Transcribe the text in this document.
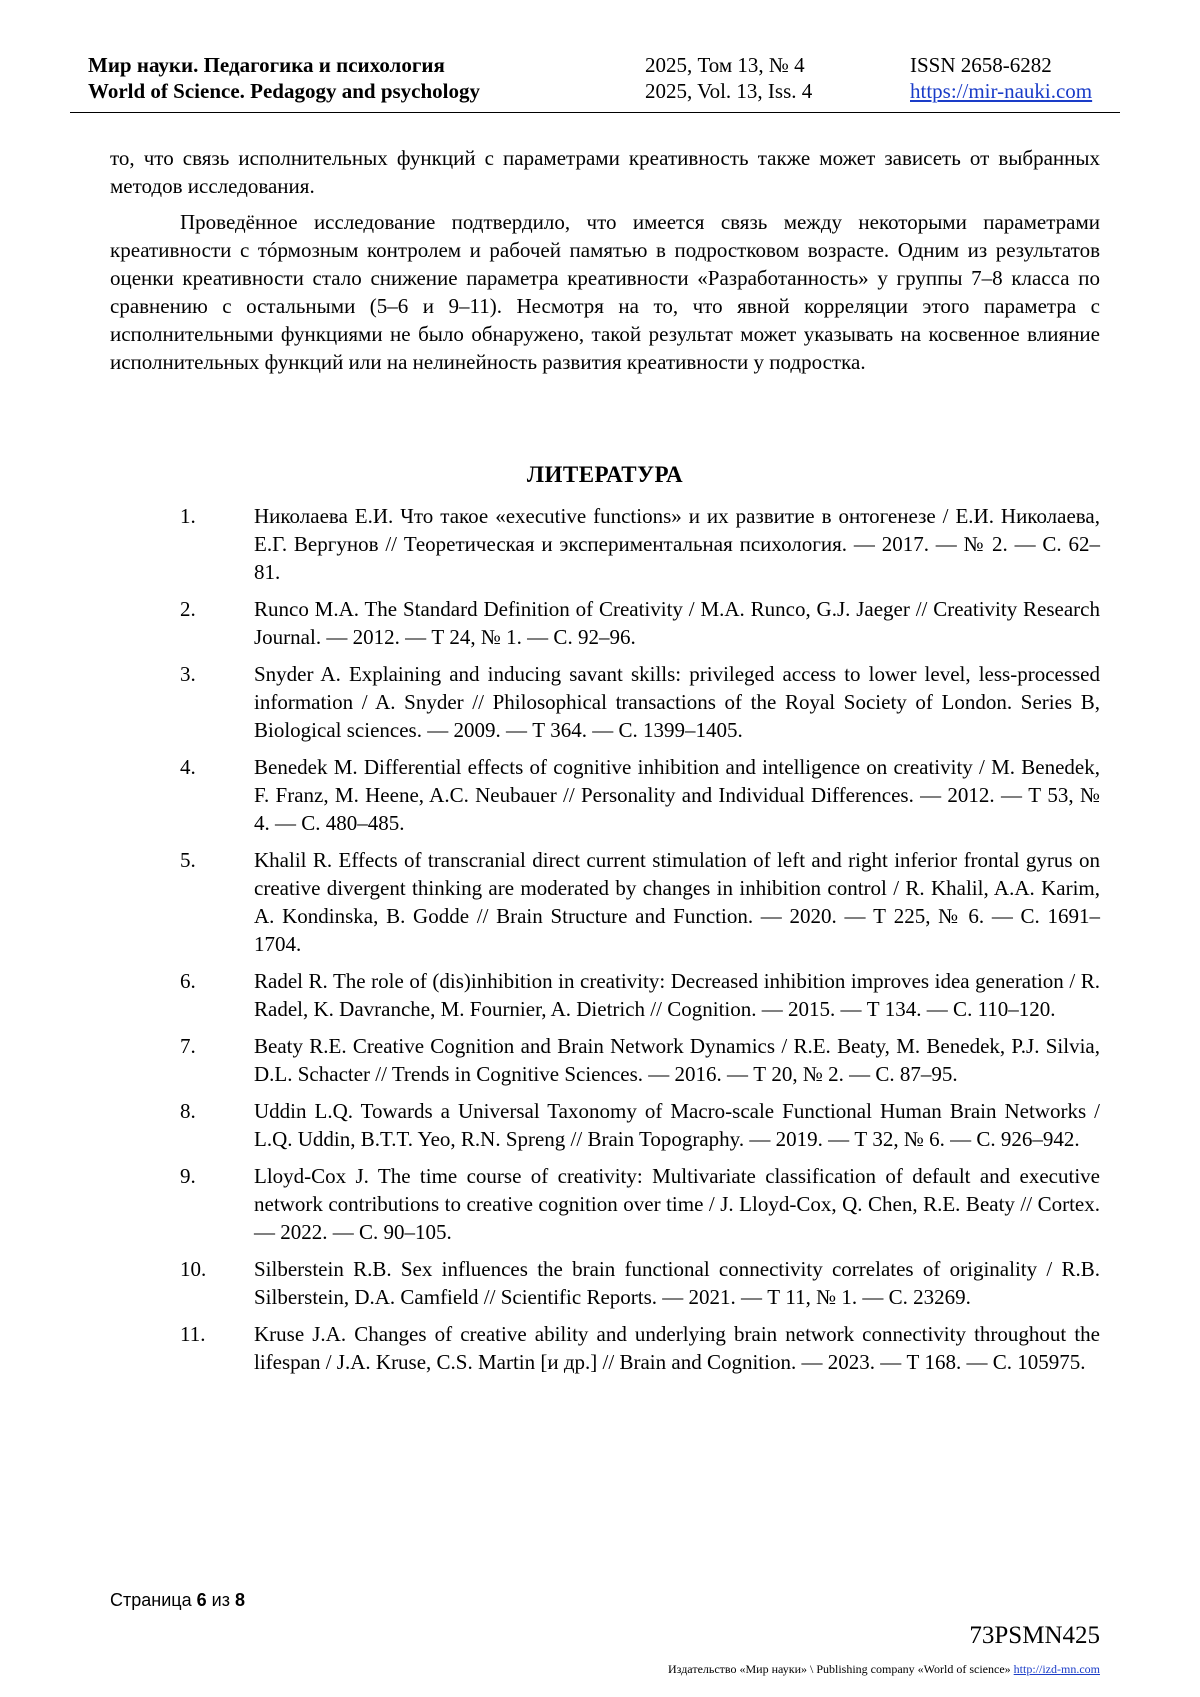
Мир науки. Педагогика и психология
World of Science. Pedagogy and psychology
2025, Том 13, № 4
2025, Vol. 13, Iss. 4
ISSN 2658-6282
https://mir-nauki.com

то, что связь исполнительных функций с параметрами креативность также может зависеть от выбранных методов исследования.

Проведённое исследование подтвердило, что имеется связь между некоторыми параметрами креативности с тóрмозным контролем и рабочей памятью в подростковом возрасте. Одним из результатов оценки креативности стало снижение параметра креативности «Разработанность» у группы 7–8 класса по сравнению с остальными (5–6 и 9–11). Несмотря на то, что явной корреляции этого параметра с исполнительными функциями не было обнаружено, такой результат может указывать на косвенное влияние исполнительных функций или на нелинейность развития креативности у подростка.

ЛИТЕРАТУРА
1.	Николаева Е.И. Что такое «executive functions» и их развитие в онтогенезе / Е.И. Николаева, Е.Г. Вергунов // Теоретическая и экспериментальная психология. — 2017. — № 2. — С. 62–81.
2.	Runco M.A. The Standard Definition of Creativity / M.A. Runco, G.J. Jaeger // Creativity Research Journal. — 2012. — Т 24, № 1. — С. 92–96.
3.	Snyder A. Explaining and inducing savant skills: privileged access to lower level, less-processed information / A. Snyder // Philosophical transactions of the Royal Society of London. Series B, Biological sciences. — 2009. — Т 364. — С. 1399–1405.
4.	Benedek M. Differential effects of cognitive inhibition and intelligence on creativity / M. Benedek, F. Franz, M. Heene, A.C. Neubauer // Personality and Individual Differences. — 2012. — Т 53, № 4. — С. 480–485.
5.	Khalil R. Effects of transcranial direct current stimulation of left and right inferior frontal gyrus on creative divergent thinking are moderated by changes in inhibition control / R. Khalil, A.A. Karim, A. Kondinska, B. Godde // Brain Structure and Function. — 2020. — Т 225, № 6. — С. 1691–1704.
6.	Radel R. The role of (dis)inhibition in creativity: Decreased inhibition improves idea generation / R. Radel, K. Davranche, M. Fournier, A. Dietrich // Cognition. — 2015. — Т 134. — С. 110–120.
7.	Beaty R.E. Creative Cognition and Brain Network Dynamics / R.E. Beaty, M. Benedek, P.J. Silvia, D.L. Schacter // Trends in Cognitive Sciences. — 2016. — Т 20, № 2. — С. 87–95.
8.	Uddin L.Q. Towards a Universal Taxonomy of Macro-scale Functional Human Brain Networks / L.Q. Uddin, B.T.T. Yeo, R.N. Spreng // Brain Topography. — 2019. — Т 32, № 6. — С. 926–942.
9.	Lloyd-Cox J. The time course of creativity: Multivariate classification of default and executive network contributions to creative cognition over time / J. Lloyd-Cox, Q. Chen, R.E. Beaty // Cortex. — 2022. — С. 90–105.
10. Silberstein R.B. Sex influences the brain functional connectivity correlates of originality / R.B. Silberstein, D.A. Camfield // Scientific Reports. — 2021. — Т 11, № 1. — С. 23269.
11. Kruse J.A. Changes of creative ability and underlying brain network connectivity throughout the lifespan / J.A. Kruse, C.S. Martin [и др.] // Brain and Cognition. — 2023. — Т 168. — С. 105975.
Страница 6 из 8
73PSMN425
Издательство «Мир науки» \ Publishing company «World of science» http://izd-mn.com
